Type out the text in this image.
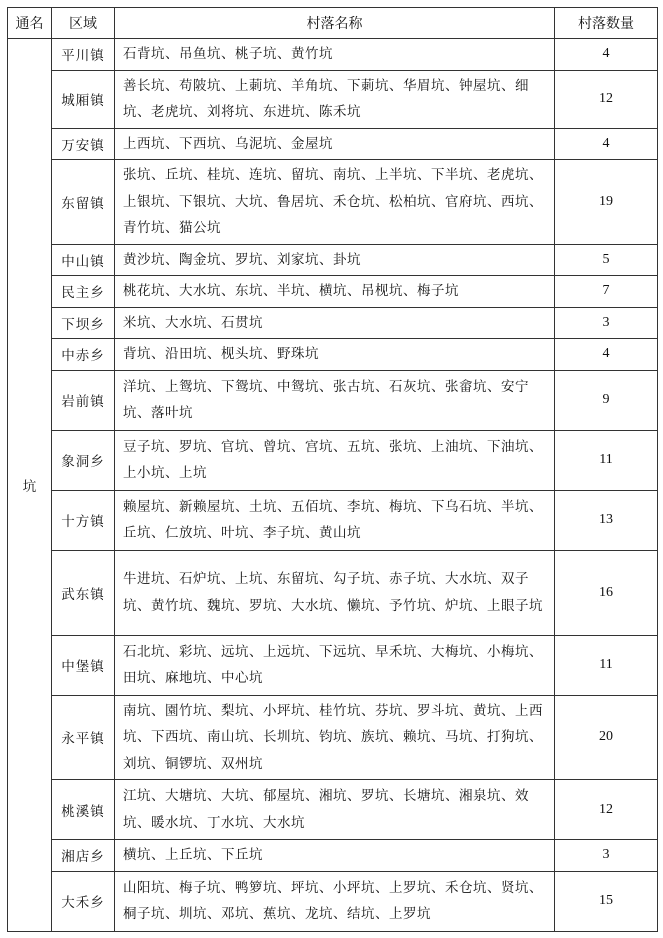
通名	区域	村落名称	村落数量
坑	平川镇	石背坑、吊鱼坑、桃子坑、黄竹坑	4
	城厢镇	善长坑、苟陂坑、上莿坑、羊角坑、下莿坑、华眉坑、钟屋坑、细坑、老虎坑、刘将坑、东进坑、陈禾坑	12
	万安镇	上西坑、下西坑、乌泥坑、金屋坑	4
	东留镇	张坑、丘坑、桂坑、连坑、留坑、南坑、上半坑、下半坑、老虎坑、上银坑、下银坑、大坑、鲁居坑、禾仓坑、松柏坑、官府坑、西坑、青竹坑、猫公坑	19
	中山镇	黄沙坑、陶金坑、罗坑、刘家坑、卦坑	5
	民主乡	桃花坑、大水坑、东坑、半坑、横坑、吊枧坑、梅子坑	7
	下坝乡	米坑、大水坑、石贯坑	3
	中赤乡	背坑、沿田坑、枧头坑、野珠坑	4
	岩前镇	洋坑、上鸳坑、下鸳坑、中鸳坑、张古坑、石灰坑、张畲坑、安宁坑、落叶坑	9
	象洞乡	豆子坑、罗坑、官坑、曾坑、宫坑、五坑、张坑、上油坑、下油坑、上小坑、上坑	11
	十方镇	赖屋坑、新赖屋坑、土坑、五佰坑、李坑、梅坑、下乌石坑、半坑、丘坑、仁放坑、叶坑、李子坑、黄山坑	13
	武东镇	牛进坑、石炉坑、上坑、东留坑、勾子坑、赤子坑、大水坑、双子坑、黄竹坑、魏坑、罗坑、大水坑、懒坑、予竹坑、炉坑、上眼子坑	16
	中堡镇	石北坑、彩坑、远坑、上远坑、下远坑、早禾坑、大梅坑、小梅坑、田坑、麻地坑、中心坑	11
	永平镇	南坑、園竹坑、梨坑、小坪坑、桂竹坑、芬坑、罗斗坑、黄坑、上西坑、下西坑、南山坑、长圳坑、钧坑、族坑、赖坑、马坑、打狗坑、刘坑、铜锣坑、双州坑	20
	桃溪镇	江坑、大塘坑、大坑、郁屋坑、湘坑、罗坑、长塘坑、湘泉坑、效坑、暖水坑、丁水坑、大水坑	12
	湘店乡	横坑、上丘坑、下丘坑	3
	大禾乡	山阳坑、梅子坑、鸭箩坑、坪坑、小坪坑、上罗坑、禾仓坑、贤坑、桐子坑、圳坑、邓坑、蕉坑、龙坑、结坑、上罗坑	15
